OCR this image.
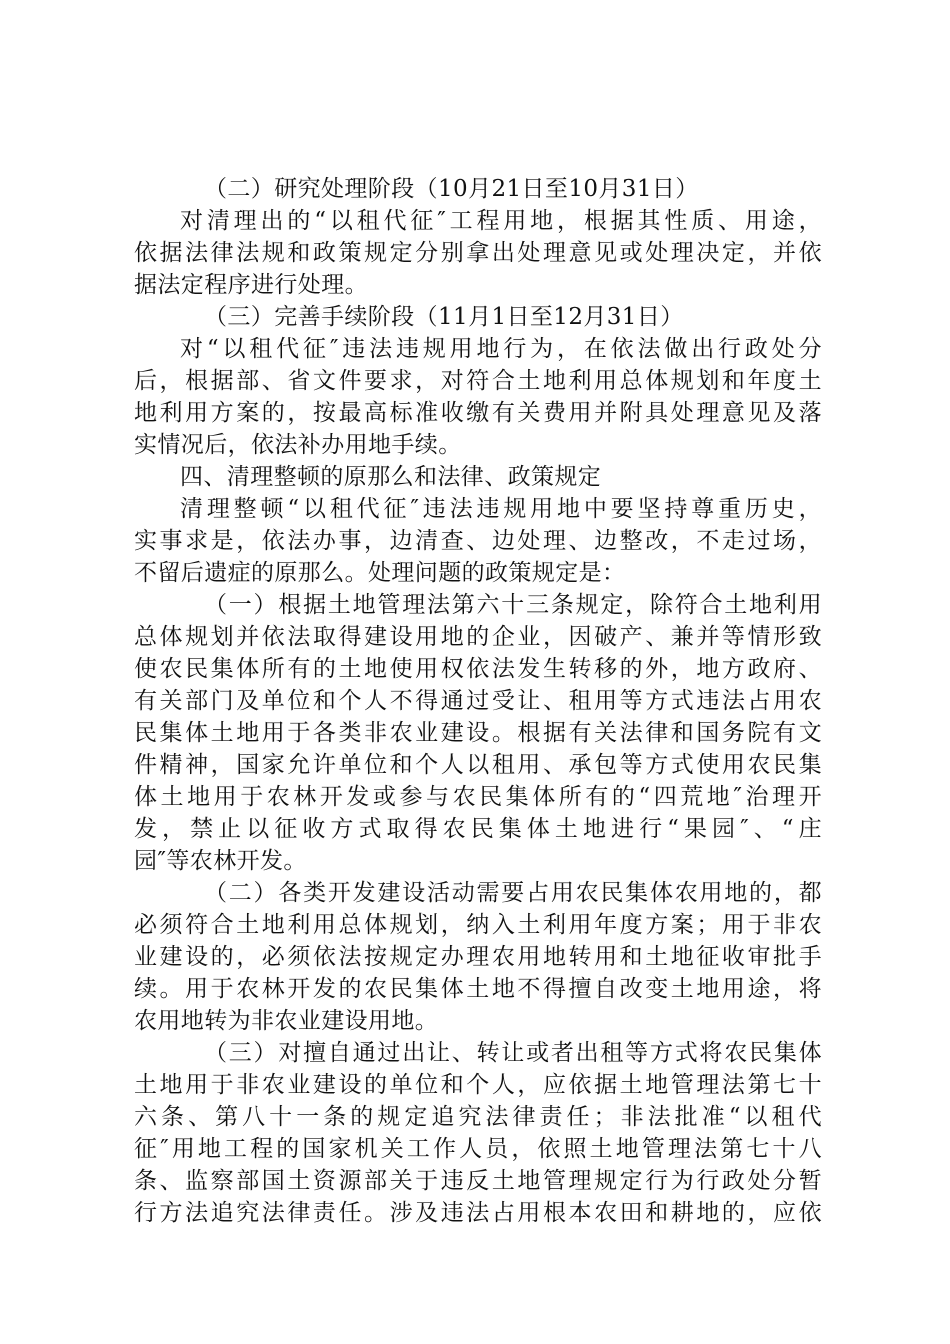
（二）研究处理阶段（10月21日至10月31日）
对清理出的“以租代征″工程用地，根据其性质、用途，
依据法律法规和政策规定分别拿出处理意见或处理决定，并依
据法定程序进行处理。
（三）完善手续阶段（11月1日至12月31日）
对“以租代征″违法违规用地行为，在依法做出行政处分
后，根据部、省文件要求，对符合土地利用总体规划和年度土
地利用方案的，按最高标准收缴有关费用并附具处理意见及落
实情况后，依法补办用地手续。
四、清理整顿的原那么和法律、政策规定
清理整顿“以租代征″违法违规用地中要坚持尊重历史，
实事求是，依法办事，边清查、边处理、边整改，不走过场，
不留后遗症的原那么。处理问题的政策规定是：
（一）根据土地管理法第六十三条规定，除符合土地利用
总体规划并依法取得建设用地的企业，因破产、兼并等情形致
使农民集体所有的土地使用权依法发生转移的外，地方政府、
有关部门及单位和个人不得通过受让、租用等方式违法占用农
民集体土地用于各类非农业建设。根据有关法律和国务院有文
件精神，国家允许单位和个人以租用、承包等方式使用农民集
体土地用于农林开发或参与农民集体所有的“四荒地″治理开
发，禁止以征收方式取得农民集体土地进行“果园″、“庄
园″等农林开发。
（二）各类开发建设活动需要占用农民集体农用地的，都
必须符合土地利用总体规划，纳入土利用年度方案；用于非农
业建设的，必须依法按规定办理农用地转用和土地征收审批手
续。用于农林开发的农民集体土地不得擅自改变土地用途，将
农用地转为非农业建设用地。
（三）对擅自通过出让、转让或者出租等方式将农民集体
土地用于非农业建设的单位和个人，应依据土地管理法第七十
六条、第八十一条的规定追究法律责任；非法批准“以租代
征″用地工程的国家机关工作人员，依照土地管理法第七十八
条、监察部国土资源部关于违反土地管理规定行为行政处分暂
行方法追究法律责任。涉及违法占用根本农田和耕地的，应依
